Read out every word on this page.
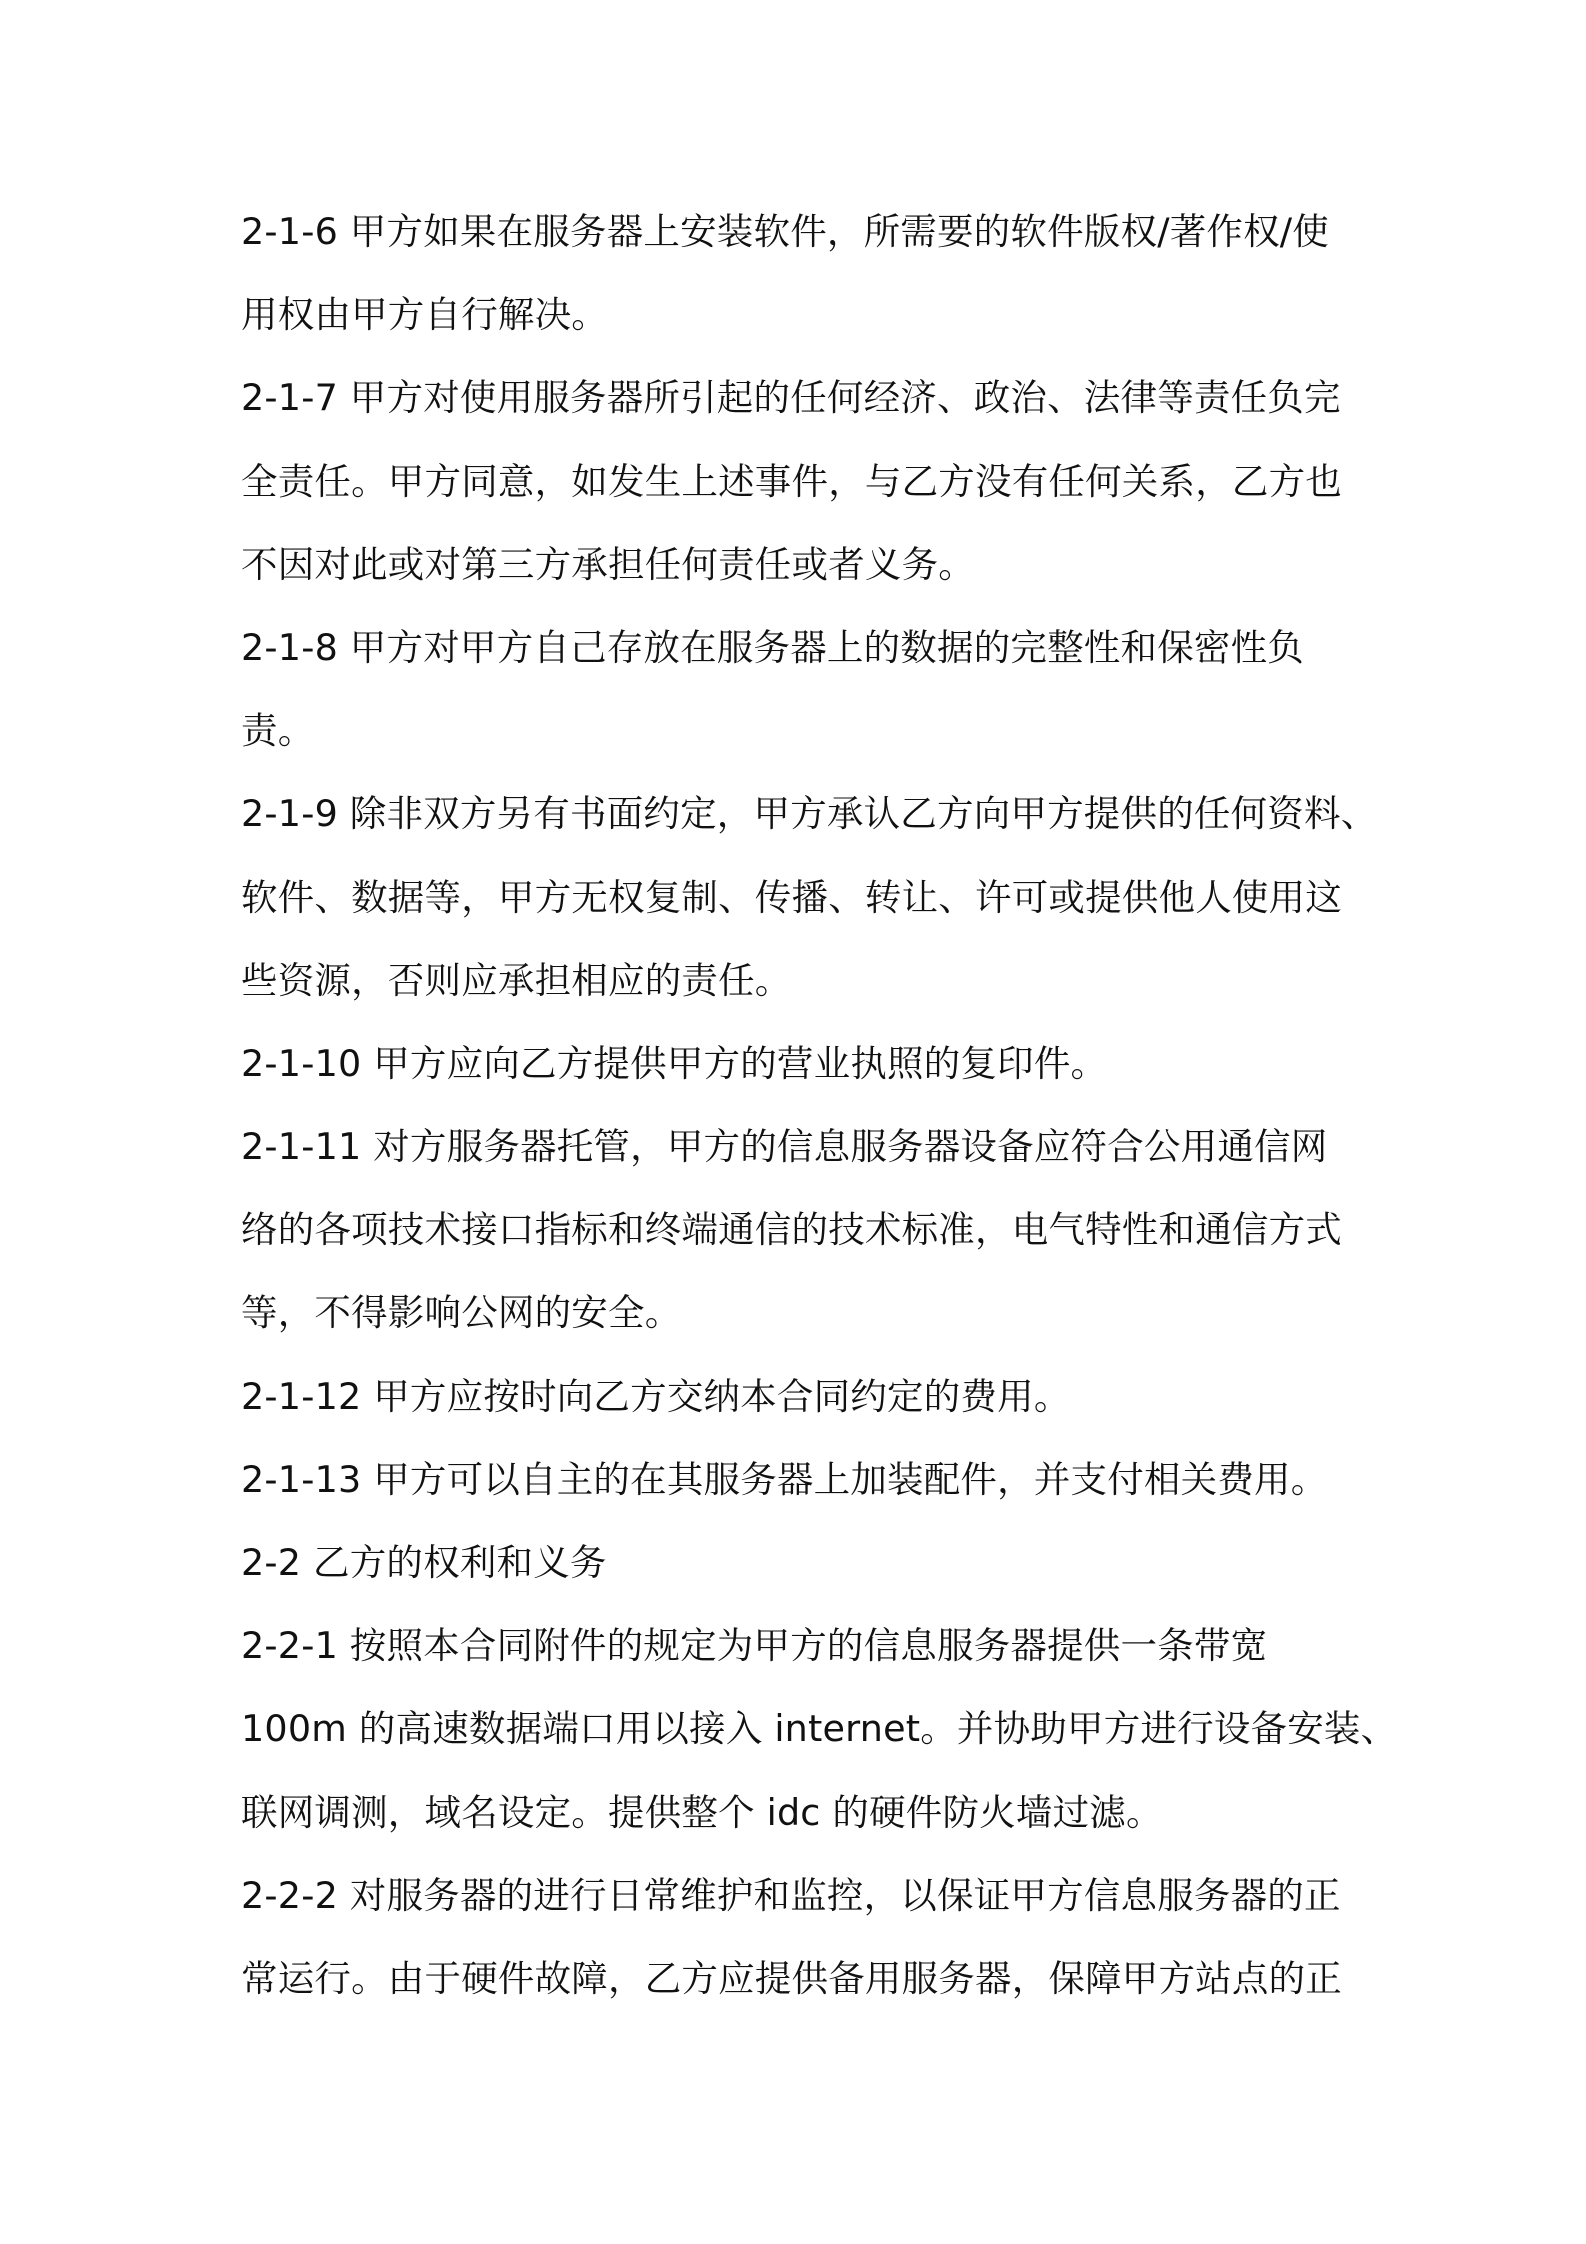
2-1-6 甲方如果在服务器上安装软件，所需要的软件版权/著作权/使
用权由甲方自行解决。
2-1-7 甲方对使用服务器所引起的任何经济、政治、法律等责任负完
全责任。甲方同意，如发生上述事件，与乙方没有任何关系，乙方也
不因对此或对第三方承担任何责任或者义务。
2-1-8 甲方对甲方自己存放在服务器上的数据的完整性和保密性负
责。
2-1-9 除非双方另有书面约定，甲方承认乙方向甲方提供的任何资料、
软件、数据等，甲方无权复制、传播、转让、许可或提供他人使用这
些资源，否则应承担相应的责任。
2-1-10 甲方应向乙方提供甲方的营业执照的复印件。
2-1-11 对方服务器托管，甲方的信息服务器设备应符合公用通信网
络的各项技术接口指标和终端通信的技术标准，电气特性和通信方式
等，不得影响公网的安全。
2-1-12 甲方应按时向乙方交纳本合同约定的费用。
2-1-13 甲方可以自主的在其服务器上加装配件，并支付相关费用。
2-2 乙方的权利和义务
2-2-1 按照本合同附件的规定为甲方的信息服务器提供一条带宽
100m 的高速数据端口用以接入 internet。并协助甲方进行设备安装、
联网调测，域名设定。提供整个 idc 的硬件防火墙过滤。
2-2-2 对服务器的进行日常维护和监控，以保证甲方信息服务器的正
常运行。由于硬件故障，乙方应提供备用服务器，保障甲方站点的正
